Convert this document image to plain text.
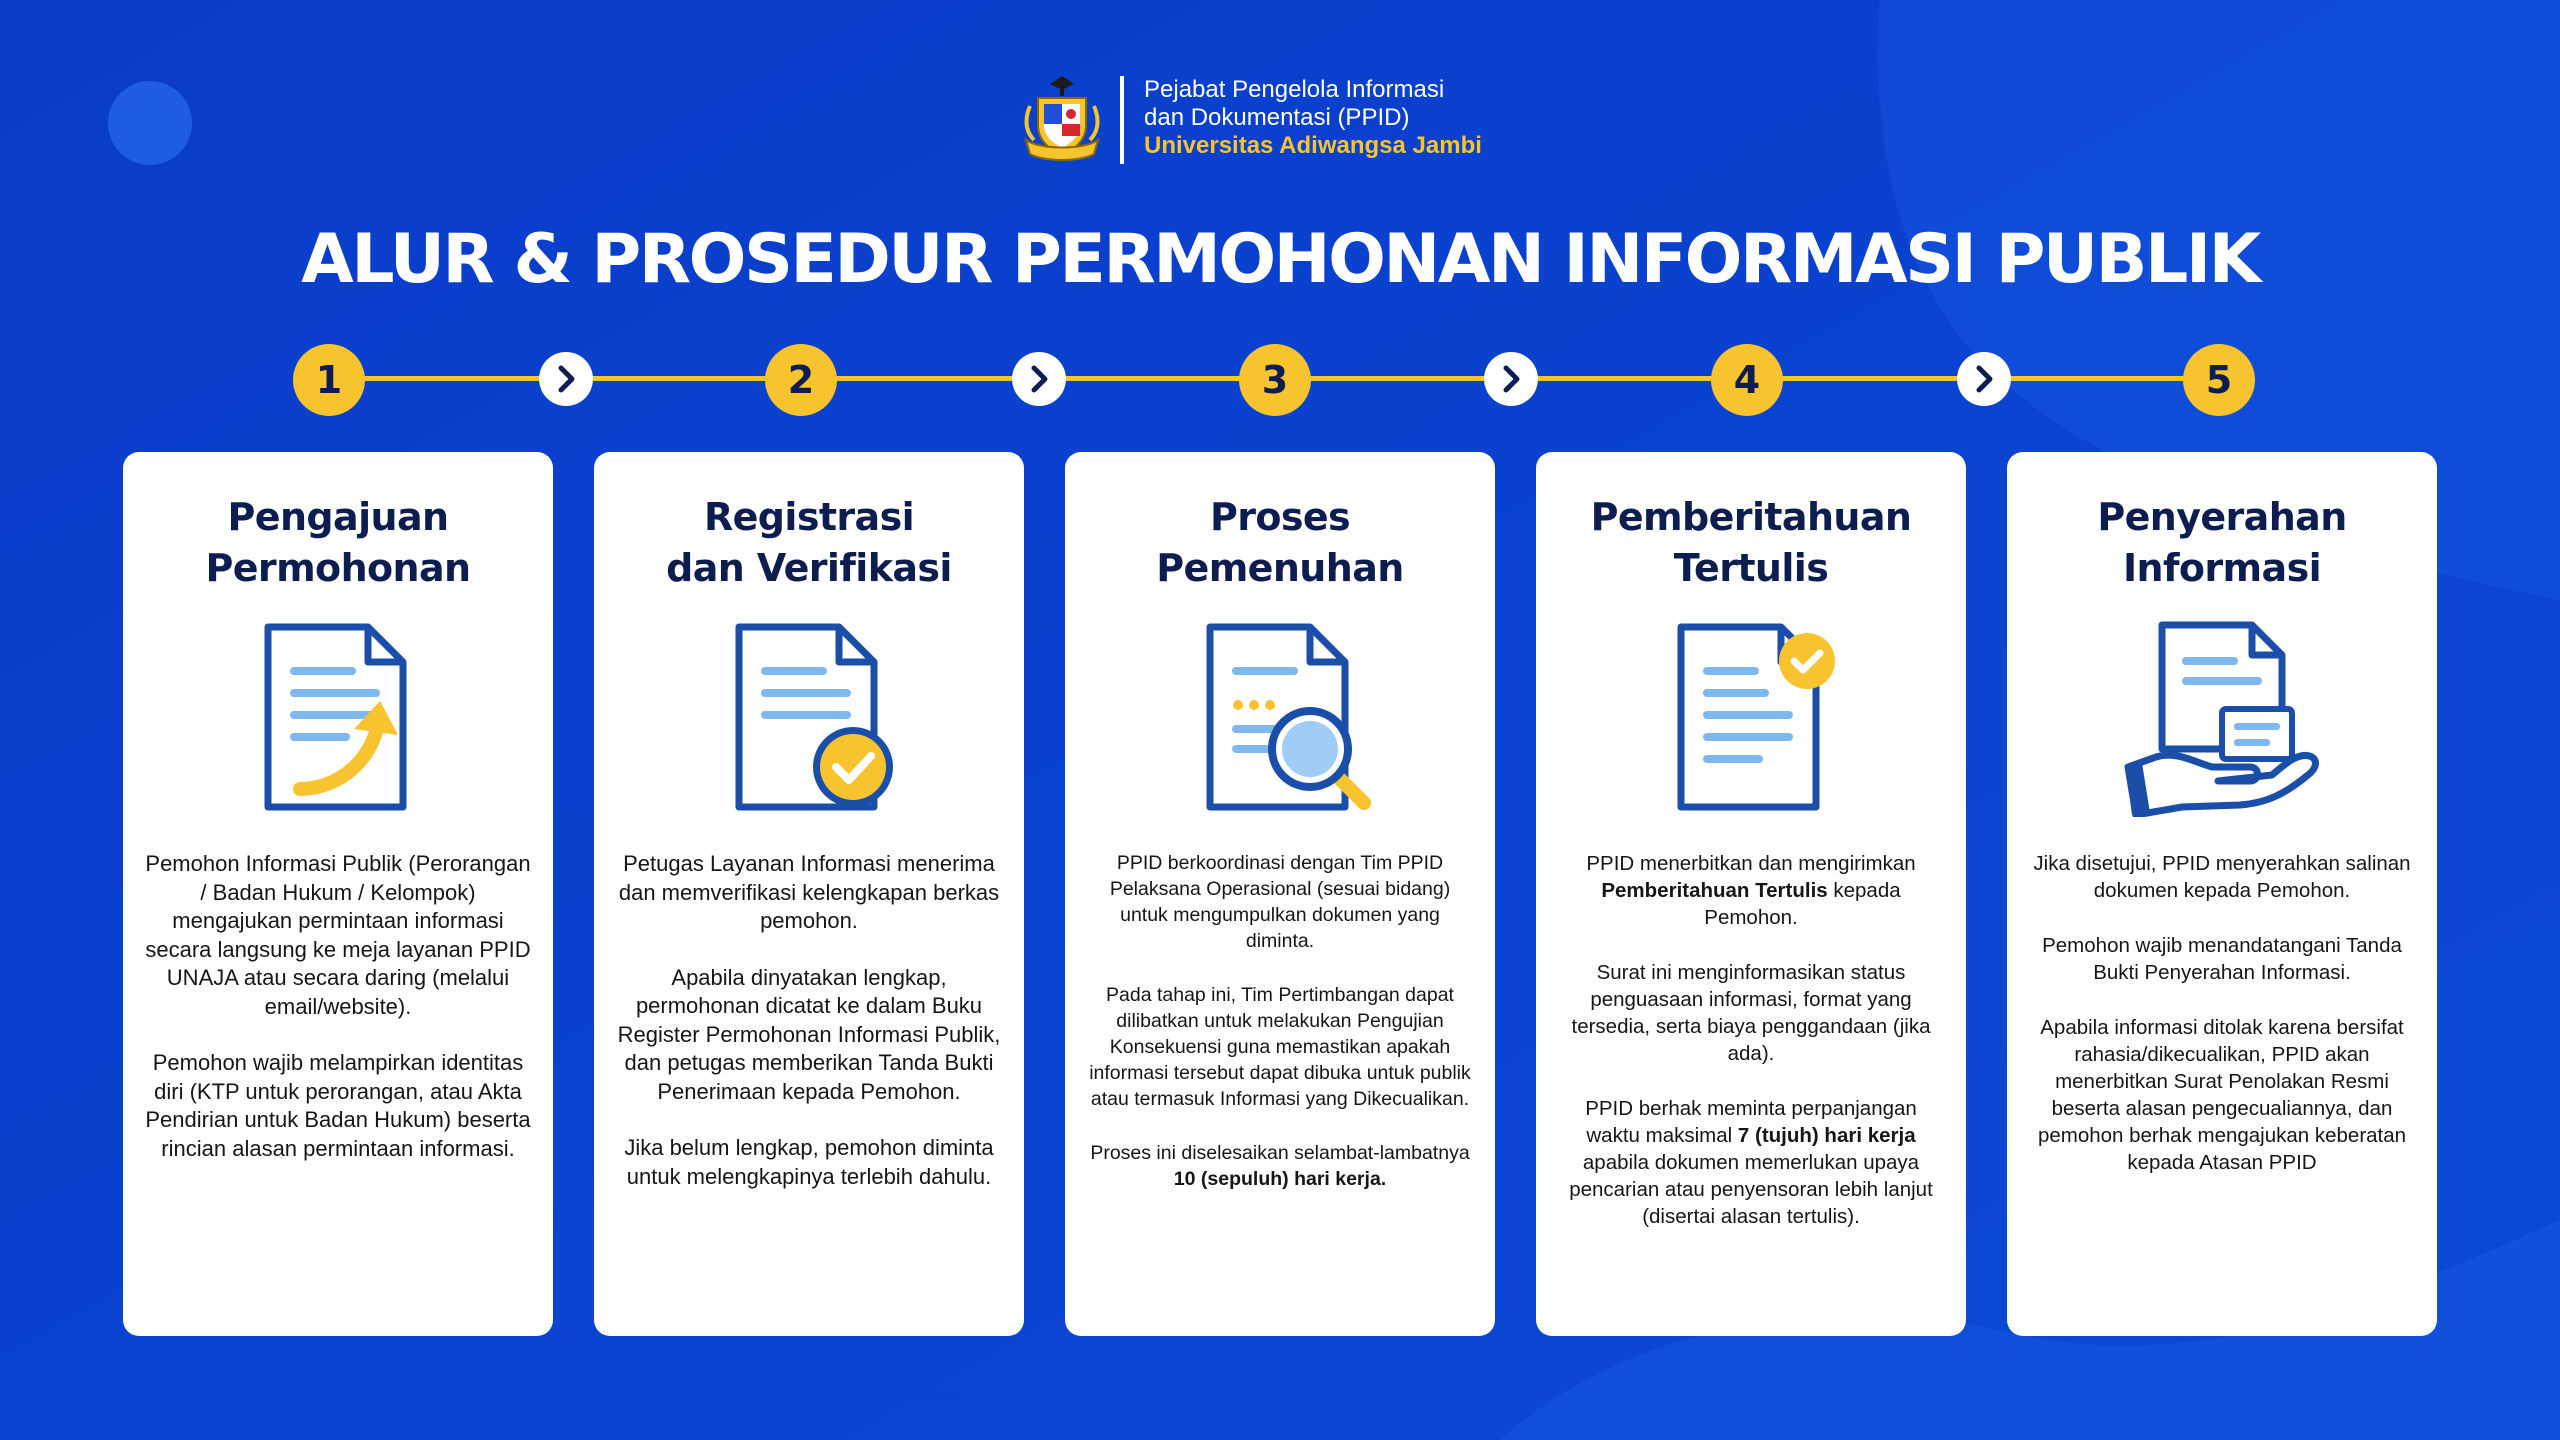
Pejabat Pengelola Informasi
dan Dokumentasi (PPID)
Universitas Adiwangsa Jambi
ALUR & PROSEDUR PERMOHONAN INFORMASI PUBLIK
1	2	3	4	5
Pengajuan
Permohonan

Pemohon Informasi Publik (Perorangan / Badan Hukum / Kelompok) mengajukan permintaan informasi secara langsung ke meja layanan PPID UNAJA atau secara daring (melalui email/website).

Pemohon wajib melampirkan identitas diri (KTP untuk perorangan, atau Akta Pendirian untuk Badan Hukum) beserta rincian alasan permintaan informasi.

Registrasi
dan Verifikasi

Petugas Layanan Informasi menerima dan memverifikasi kelengkapan berkas pemohon.

Apabila dinyatakan lengkap, permohonan dicatat ke dalam Buku Register Permohonan Informasi Publik, dan petugas memberikan Tanda Bukti Penerimaan kepada Pemohon.

Jika belum lengkap, pemohon diminta untuk melengkapinya terlebih dahulu.

Proses
Pemenuhan

PPID berkoordinasi dengan Tim PPID Pelaksana Operasional (sesuai bidang) untuk mengumpulkan dokumen yang diminta.

Pada tahap ini, Tim Pertimbangan dapat dilibatkan untuk melakukan Pengujian Konsekuensi guna memastikan apakah informasi tersebut dapat dibuka untuk publik atau termasuk Informasi yang Dikecualikan.

Proses ini diselesaikan selambat-lambatnya
10 (sepuluh) hari kerja.

Pemberitahuan
Tertulis

PPID menerbitkan dan mengirimkan Pemberitahuan Tertulis kepada Pemohon.

Surat ini menginformasikan status penguasaan informasi, format yang tersedia, serta biaya penggandaan (jika ada).

PPID berhak meminta perpanjangan waktu maksimal 7 (tujuh) hari kerja apabila dokumen memerlukan upaya pencarian atau penyensoran lebih lanjut (disertai alasan tertulis).

Penyerahan
Informasi

Jika disetujui, PPID menyerahkan salinan dokumen kepada Pemohon.

Pemohon wajib menandatangani Tanda Bukti Penyerahan Informasi.

Apabila informasi ditolak karena bersifat rahasia/dikecualikan, PPID akan menerbitkan Surat Penolakan Resmi beserta alasan pengecualiannya, dan pemohon berhak mengajukan keberatan kepada Atasan PPID
